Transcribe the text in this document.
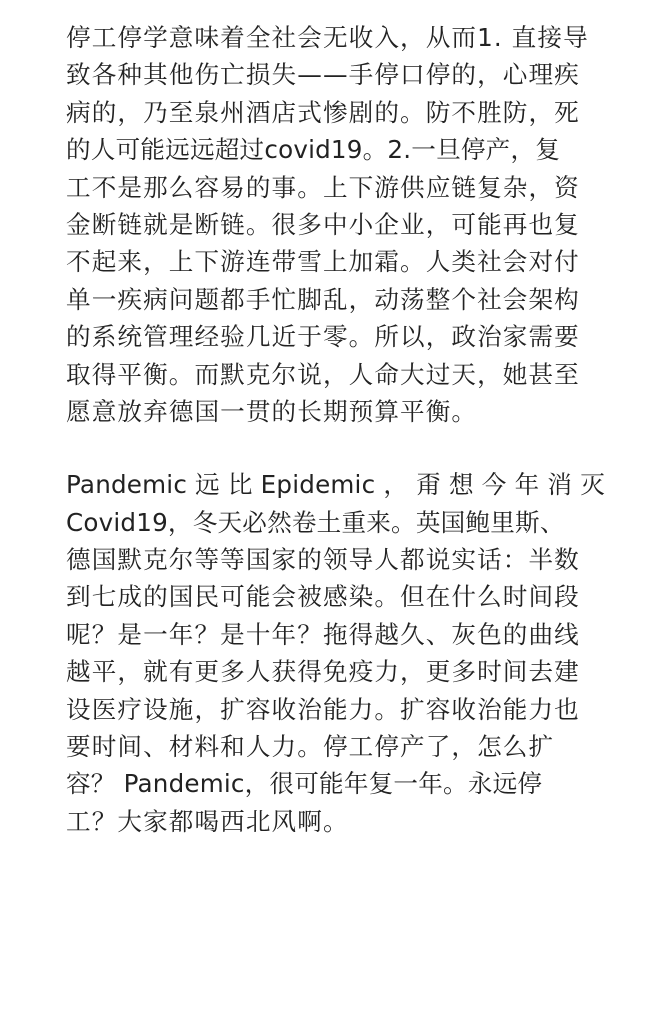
停工停学意味着全社会无收入，从而1. 直接导
致各种其他伤亡损失——手停口停的，心理疾
病的，乃至泉州酒店式惨剧的。防不胜防，死
的人可能远远超过covid19。2.一旦停产，复
工不是那么容易的事。上下游供应链复杂，资
金断链就是断链。很多中小企业，可能再也复
不起来，上下游连带雪上加霜。人类社会对付
单一疾病问题都手忙脚乱，动荡整个社会架构
的系统管理经验几近于零。所以，政治家需要
取得平衡。而默克尔说，人命大过天，她甚至
愿意放弃德国一贯的长期预算平衡。
Pandemic 远 比 Epidemic ， 甭 想 今 年 消 灭
Covid19，冬天必然卷土重来。英国鲍里斯、
德国默克尔等等国家的领导人都说实话：半数
到七成的国民可能会被感染。但在什么时间段
呢？是一年？是十年？拖得越久、灰色的曲线
越平，就有更多人获得免疫力，更多时间去建
设医疗设施，扩容收治能力。扩容收治能力也
要时间、材料和人力。停工停产了，怎么扩
容？ Pandemic，很可能年复一年。永远停
工？大家都喝西北风啊。
